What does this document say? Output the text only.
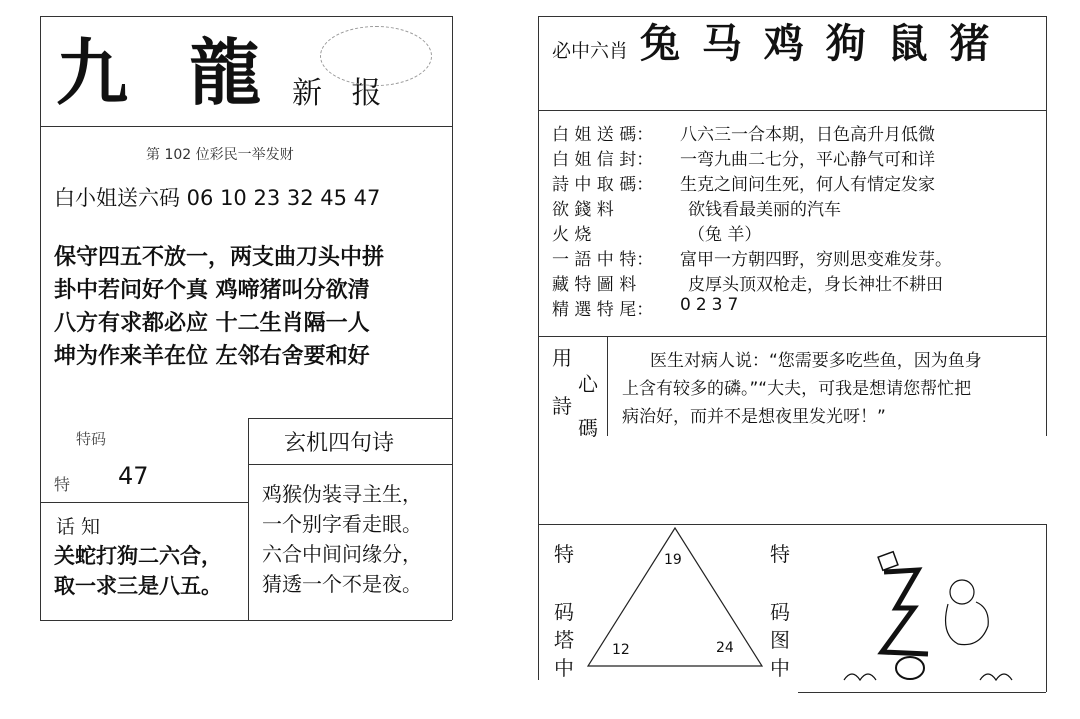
九 龍 新 报
第 102 位彩民一举发财
白小姐送六码 06 10 23 32 45 47
保守四五不放一，两支曲刀头中拼
卦中若问好个真 鸡啼猪叫分欲清
八方有求都必应 十二生肖隔一人
坤为作来羊在位 左邻右舍要和好
特码
特 47
话 知
关蛇打狗二六合，
取一求三是八五。
玄机四句诗
鸡猴伪装寻主生，
一个别字看走眼。
六合中间问缘分，
猜透一个不是夜。
必中六肖 兔 马 鸡 狗 鼠 猪
白 姐 送 碼： 八六三一合本期，日色高升月低微
白 姐 信 封： 一弯九曲二七分，平心静气可和详
詩 中 取 碼： 生克之间问生死，何人有情定发家
欲 錢 料	欲钱看最美丽的汽车
火 烧	（兔 羊）
一 語 中 特： 富甲一方朝四野，穷则思变难发芽。
藏 特 圖 料	皮厚头顶双枪走，身长神壮不耕田
精 選 特 尾： 0237
用
心
詩
碼
医生对病人说：“您需要多吃些鱼，因为鱼身
上含有较多的磷。”“大夫，可我是想请您帮忙把
病治好，而并不是想夜里发光呀！”
特
码
塔
中
特
码
图
中
19
12	24
